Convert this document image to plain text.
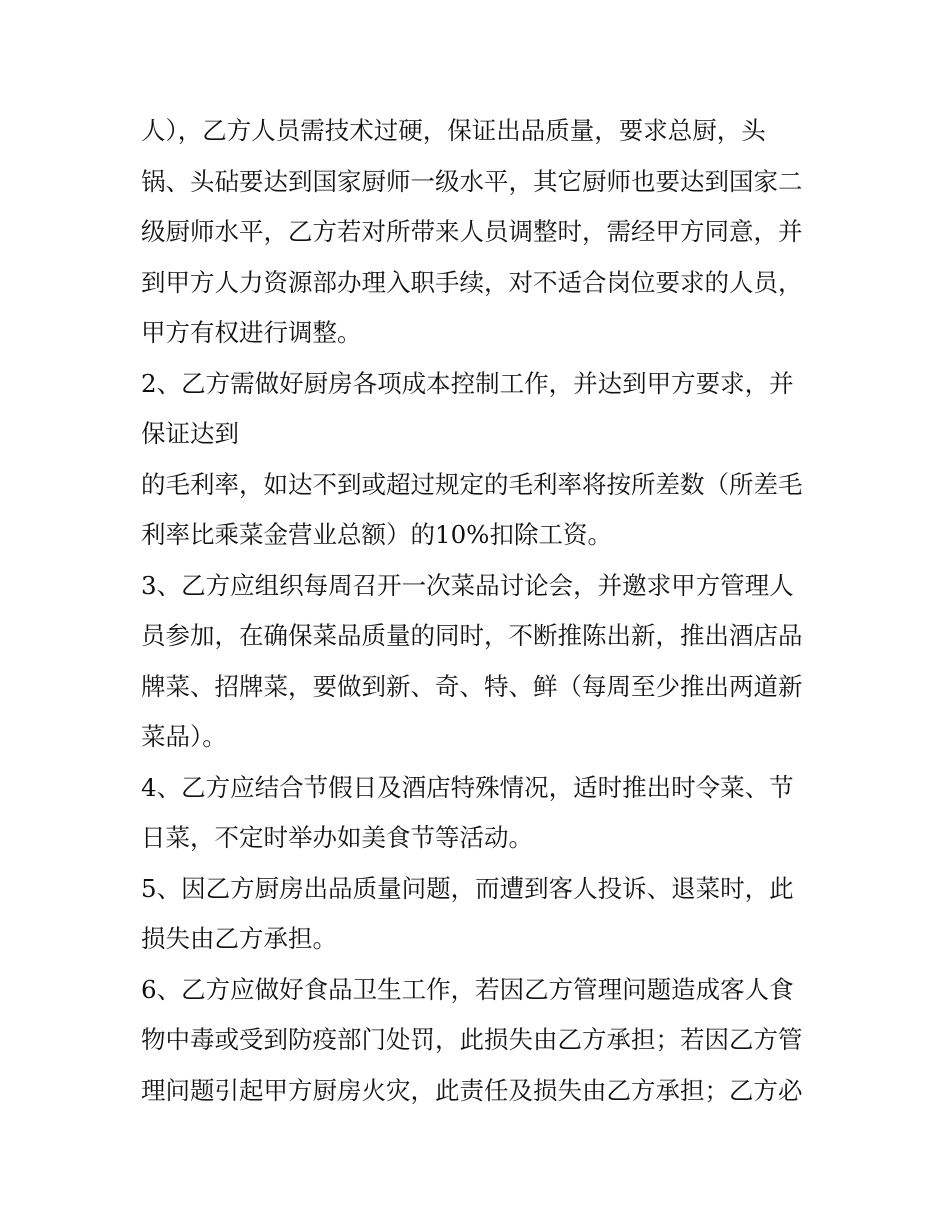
人），乙方人员需技术过硬，保证出品质量，要求总厨，头
锅、头砧要达到国家厨师一级水平，其它厨师也要达到国家二
级厨师水平，乙方若对所带来人员调整时，需经甲方同意，并
到甲方人力资源部办理入职手续，对不适合岗位要求的人员，
甲方有权进行调整。
2、乙方需做好厨房各项成本控制工作，并达到甲方要求，并
保证达到
的毛利率，如达不到或超过规定的毛利率将按所差数（所差毛
利率比乘菜金营业总额）的10%扣除工资。
3、乙方应组织每周召开一次菜品讨论会，并邀求甲方管理人
员参加，在确保菜品质量的同时，不断推陈出新，推出酒店品
牌菜、招牌菜，要做到新、奇、特、鲜（每周至少推出两道新
菜品）。
4、乙方应结合节假日及酒店特殊情况，适时推出时令菜、节
日菜，不定时举办如美食节等活动。
5、因乙方厨房出品质量问题，而遭到客人投诉、退菜时，此
损失由乙方承担。
6、乙方应做好食品卫生工作，若因乙方管理问题造成客人食
物中毒或受到防疫部门处罚，此损失由乙方承担；若因乙方管
理问题引起甲方厨房火灾，此责任及损失由乙方承担；乙方必
